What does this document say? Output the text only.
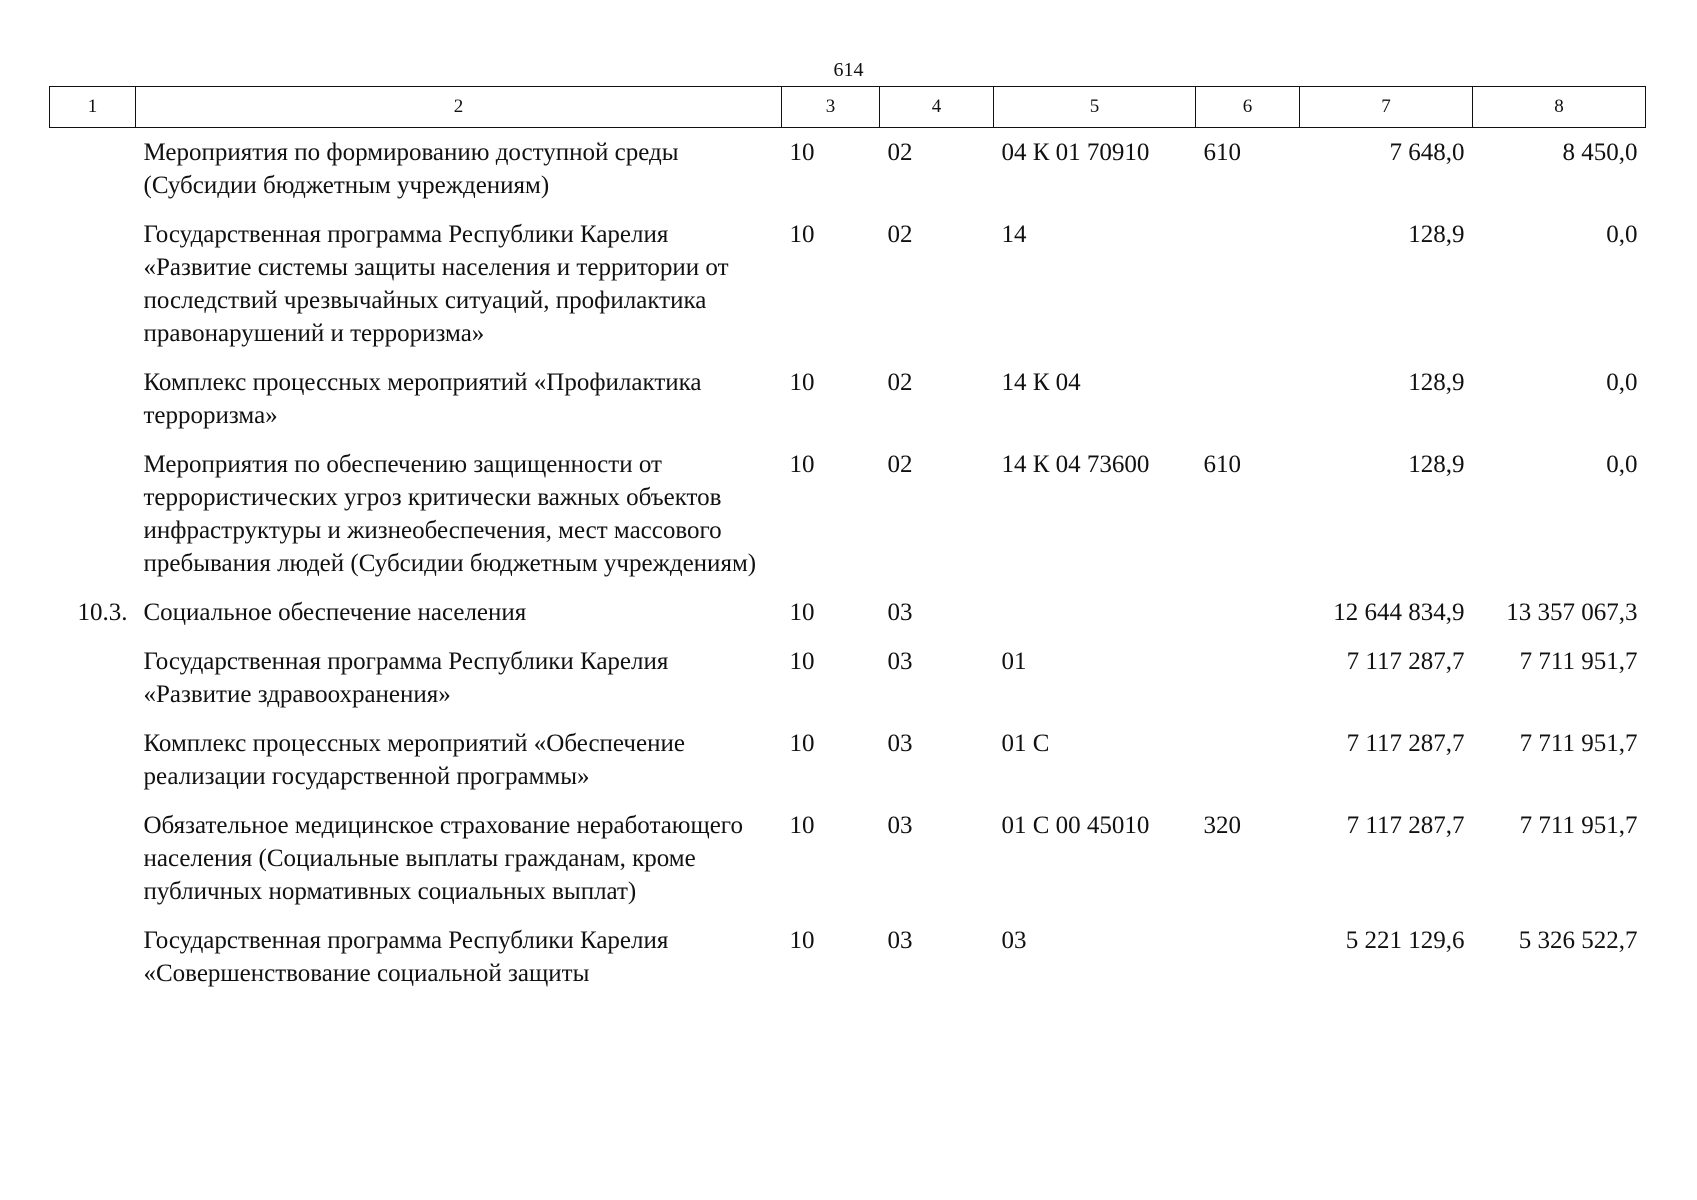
614
1	2	3	4	5	6	7	8
	Мероприятия по формированию доступной среды (Субсидии бюджетным учреждениям)	10	02	04 К 01 70910	610	7 648,0	8 450,0
	Государственная программа Республики Карелия «Развитие системы защиты населения и территории от последствий чрезвычайных ситуаций, профилактика правонарушений и терроризма»	10	02	14		128,9	0,0
	Комплекс процессных мероприятий «Профилактика терроризма»	10	02	14 К 04		128,9	0,0
	Мероприятия по обеспечению защищенности от террористических угроз критически важных объектов инфраструктуры и жизнеобеспечения, мест массового пребывания людей (Субсидии бюджетным учреждениям)	10	02	14 К 04 73600	610	128,9	0,0
10.3.	Социальное обеспечение населения	10	03			12 644 834,9	13 357 067,3
	Государственная программа Республики Карелия «Развитие здравоохранения»	10	03	01		7 117 287,7	7 711 951,7
	Комплекс процессных мероприятий «Обеспечение реализации государственной программы»	10	03	01 С		7 117 287,7	7 711 951,7
	Обязательное медицинское страхование неработающего населения (Социальные выплаты гражданам, кроме публичных нормативных социальных выплат)	10	03	01 С 00 45010	320	7 117 287,7	7 711 951,7
	Государственная программа Республики Карелия «Совершенствование социальной защиты	10	03	03		5 221 129,6	5 326 522,7
